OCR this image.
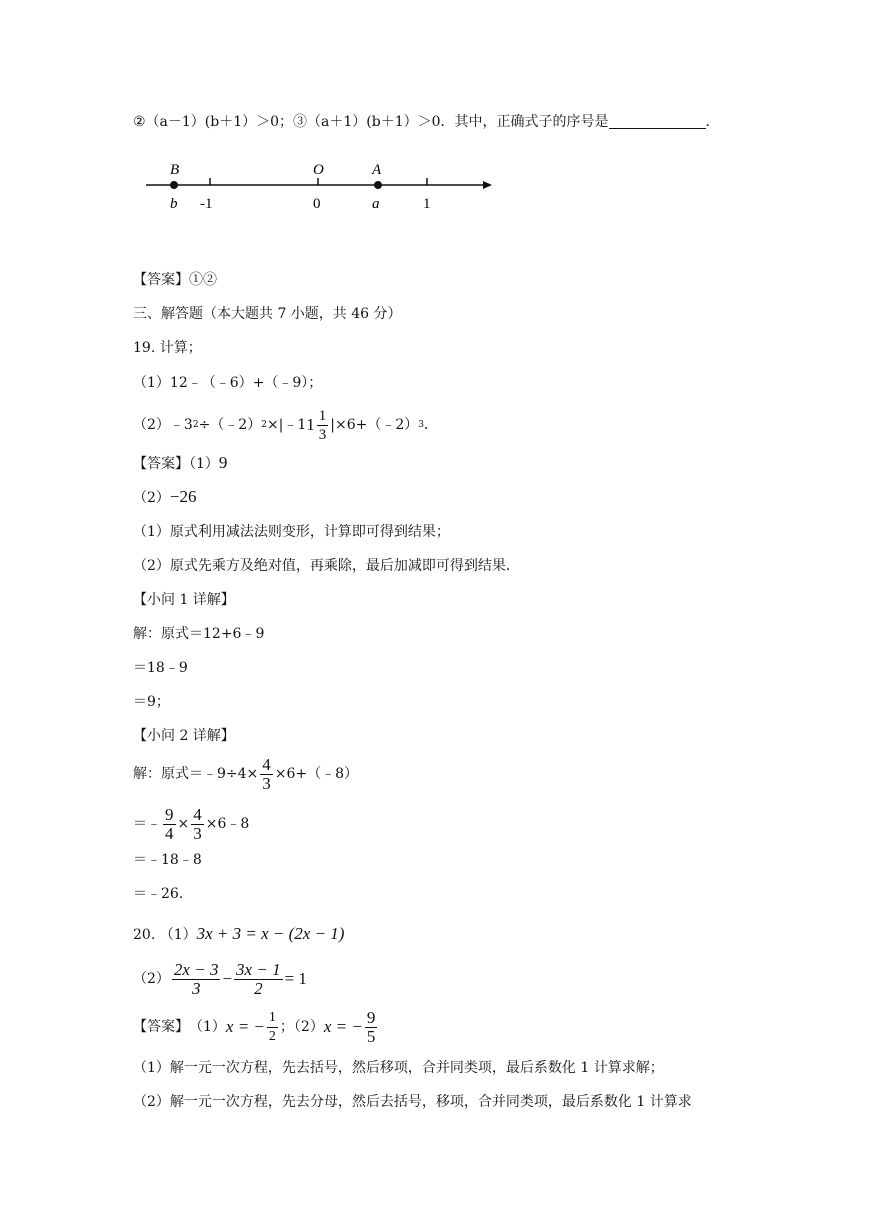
②（a－1）(b＋1）＞0；③（a＋1）(b＋1）＞0．其中，正确式子的序号是	．
B	O	A
b -1	0	a	1
【答案】①②
三、解答题（本大题共 7 小题，共 46 分）
19. 计算；
（1）12﹣（﹣6）+（﹣9）；
（2）﹣3 2 ÷（﹣2） 2 ×|﹣1 $1 \frac{1}{3}$ |×6+（﹣2） 3 ．
【答案】（1）9
（2）−26
（1）原式利用减法法则变形，计算即可得到结果；
（2）原式先乘方及绝对值，再乘除，最后加减即可得到结果．
【小问 1 详解】
解：原式＝12+6﹣9
＝18﹣9
＝9；
【小问 2 详解】
解：原式＝﹣9÷4× $\frac{4}{3}$ ×6+（﹣8）
＝﹣ $\frac{9}{4} \times \frac{4}{3}$ ×6﹣8
＝﹣18﹣8
＝﹣26．
20. （1）3x + 3 = x − (2x − 1)
$(2) \frac{2x - 3}{3} - \frac{3x - 1}{2} = 1$
【答案】 （1） x = − $\frac{1}{2}$ ；（2） x = − $\frac{9}{5}$
（1）解一元一次方程，先去括号，然后移项，合并同类项，最后系数化 1 计算求解；
（2）解一元一次方程，先去分母，然后去括号，移项，合并同类项，最后系数化 1 计算求
